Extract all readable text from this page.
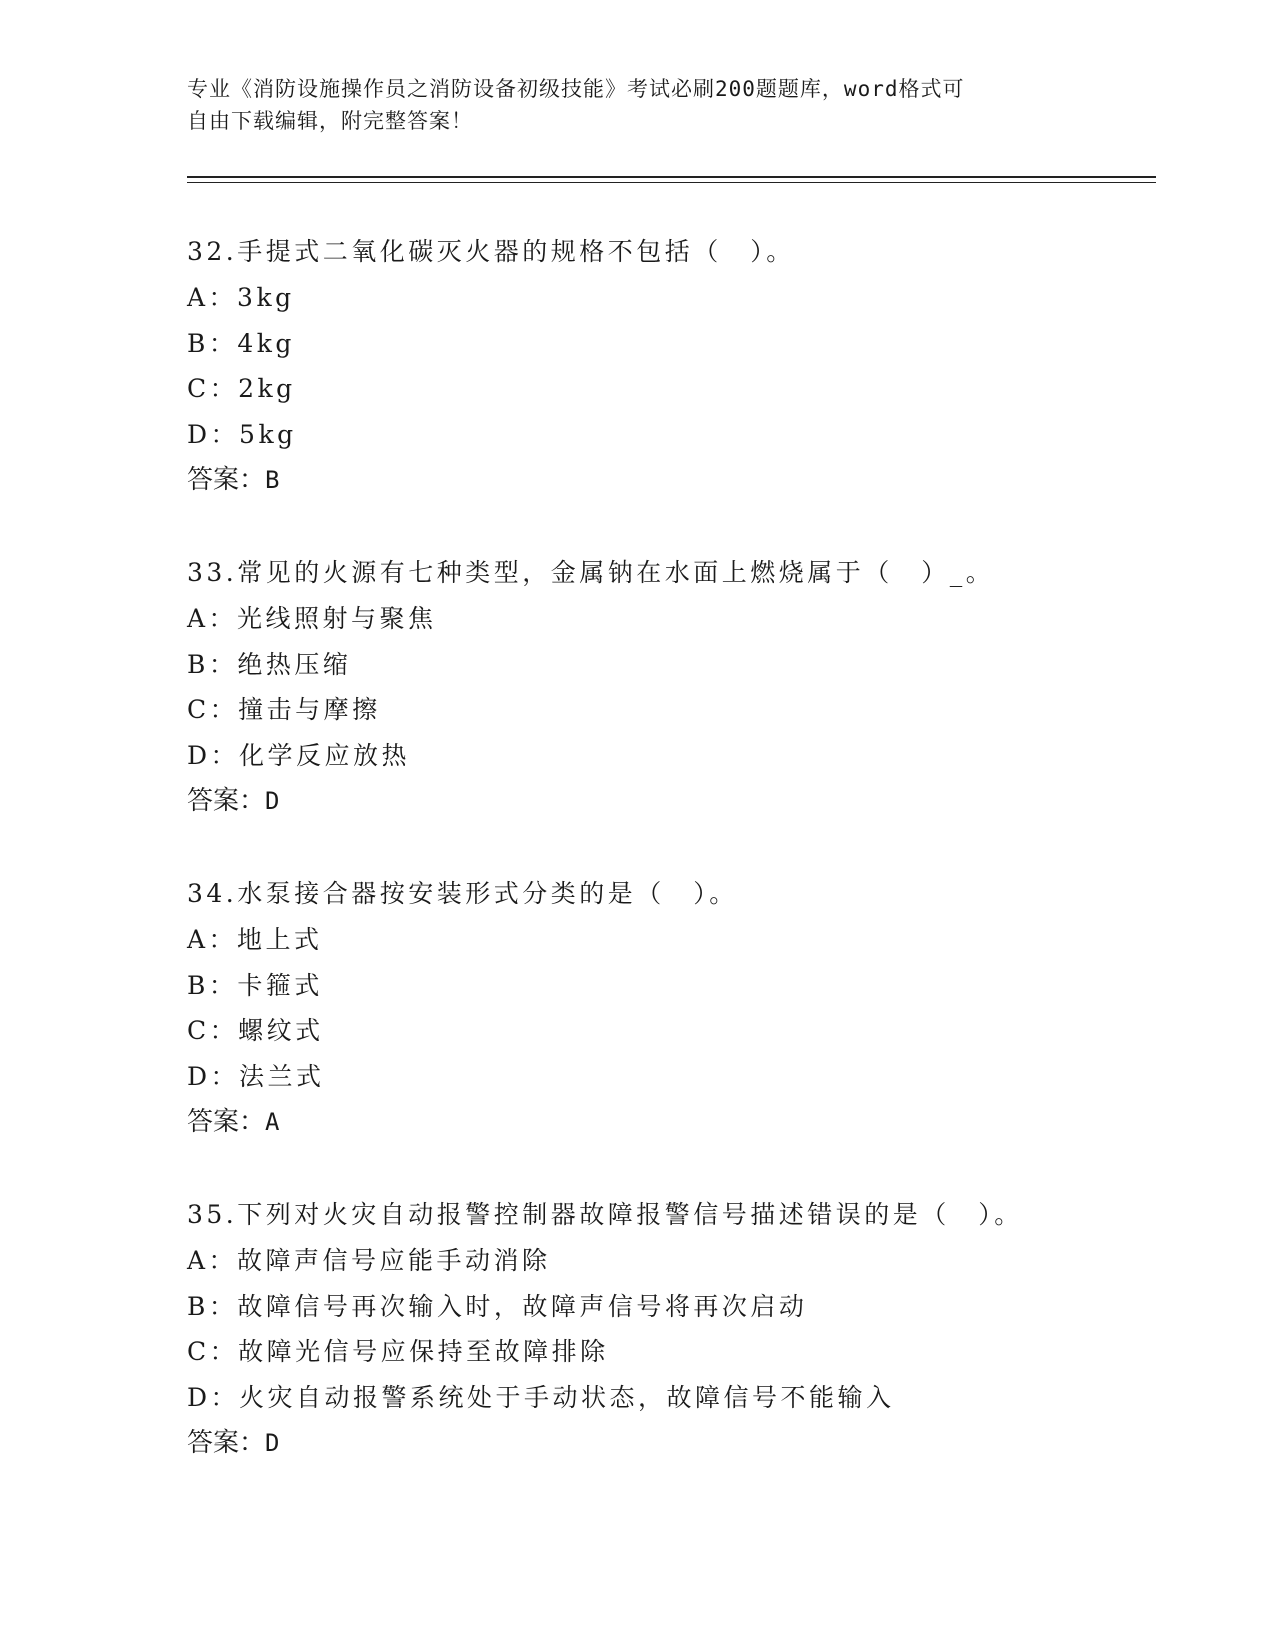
专业《消防设施操作员之消防设备初级技能》考试必刷200题题库，word格式可
自由下载编辑，附完整答案！
32.手提式二氧化碳灭火器的规格不包括（　）。
A：3kg
B：4kg
C：2kg
D：5kg
答案：B
33.常见的火源有七种类型，金属钠在水面上燃烧属于（　）_。
A：光线照射与聚焦
B：绝热压缩
C：撞击与摩擦
D：化学反应放热
答案：D
34.水泵接合器按安装形式分类的是（　）。
A：地上式
B：卡箍式
C：螺纹式
D：法兰式
答案：A
35.下列对火灾自动报警控制器故障报警信号描述错误的是（　）。
A：故障声信号应能手动消除
B：故障信号再次输入时，故障声信号将再次启动
C：故障光信号应保持至故障排除
D：火灾自动报警系统处于手动状态，故障信号不能输入
答案：D
